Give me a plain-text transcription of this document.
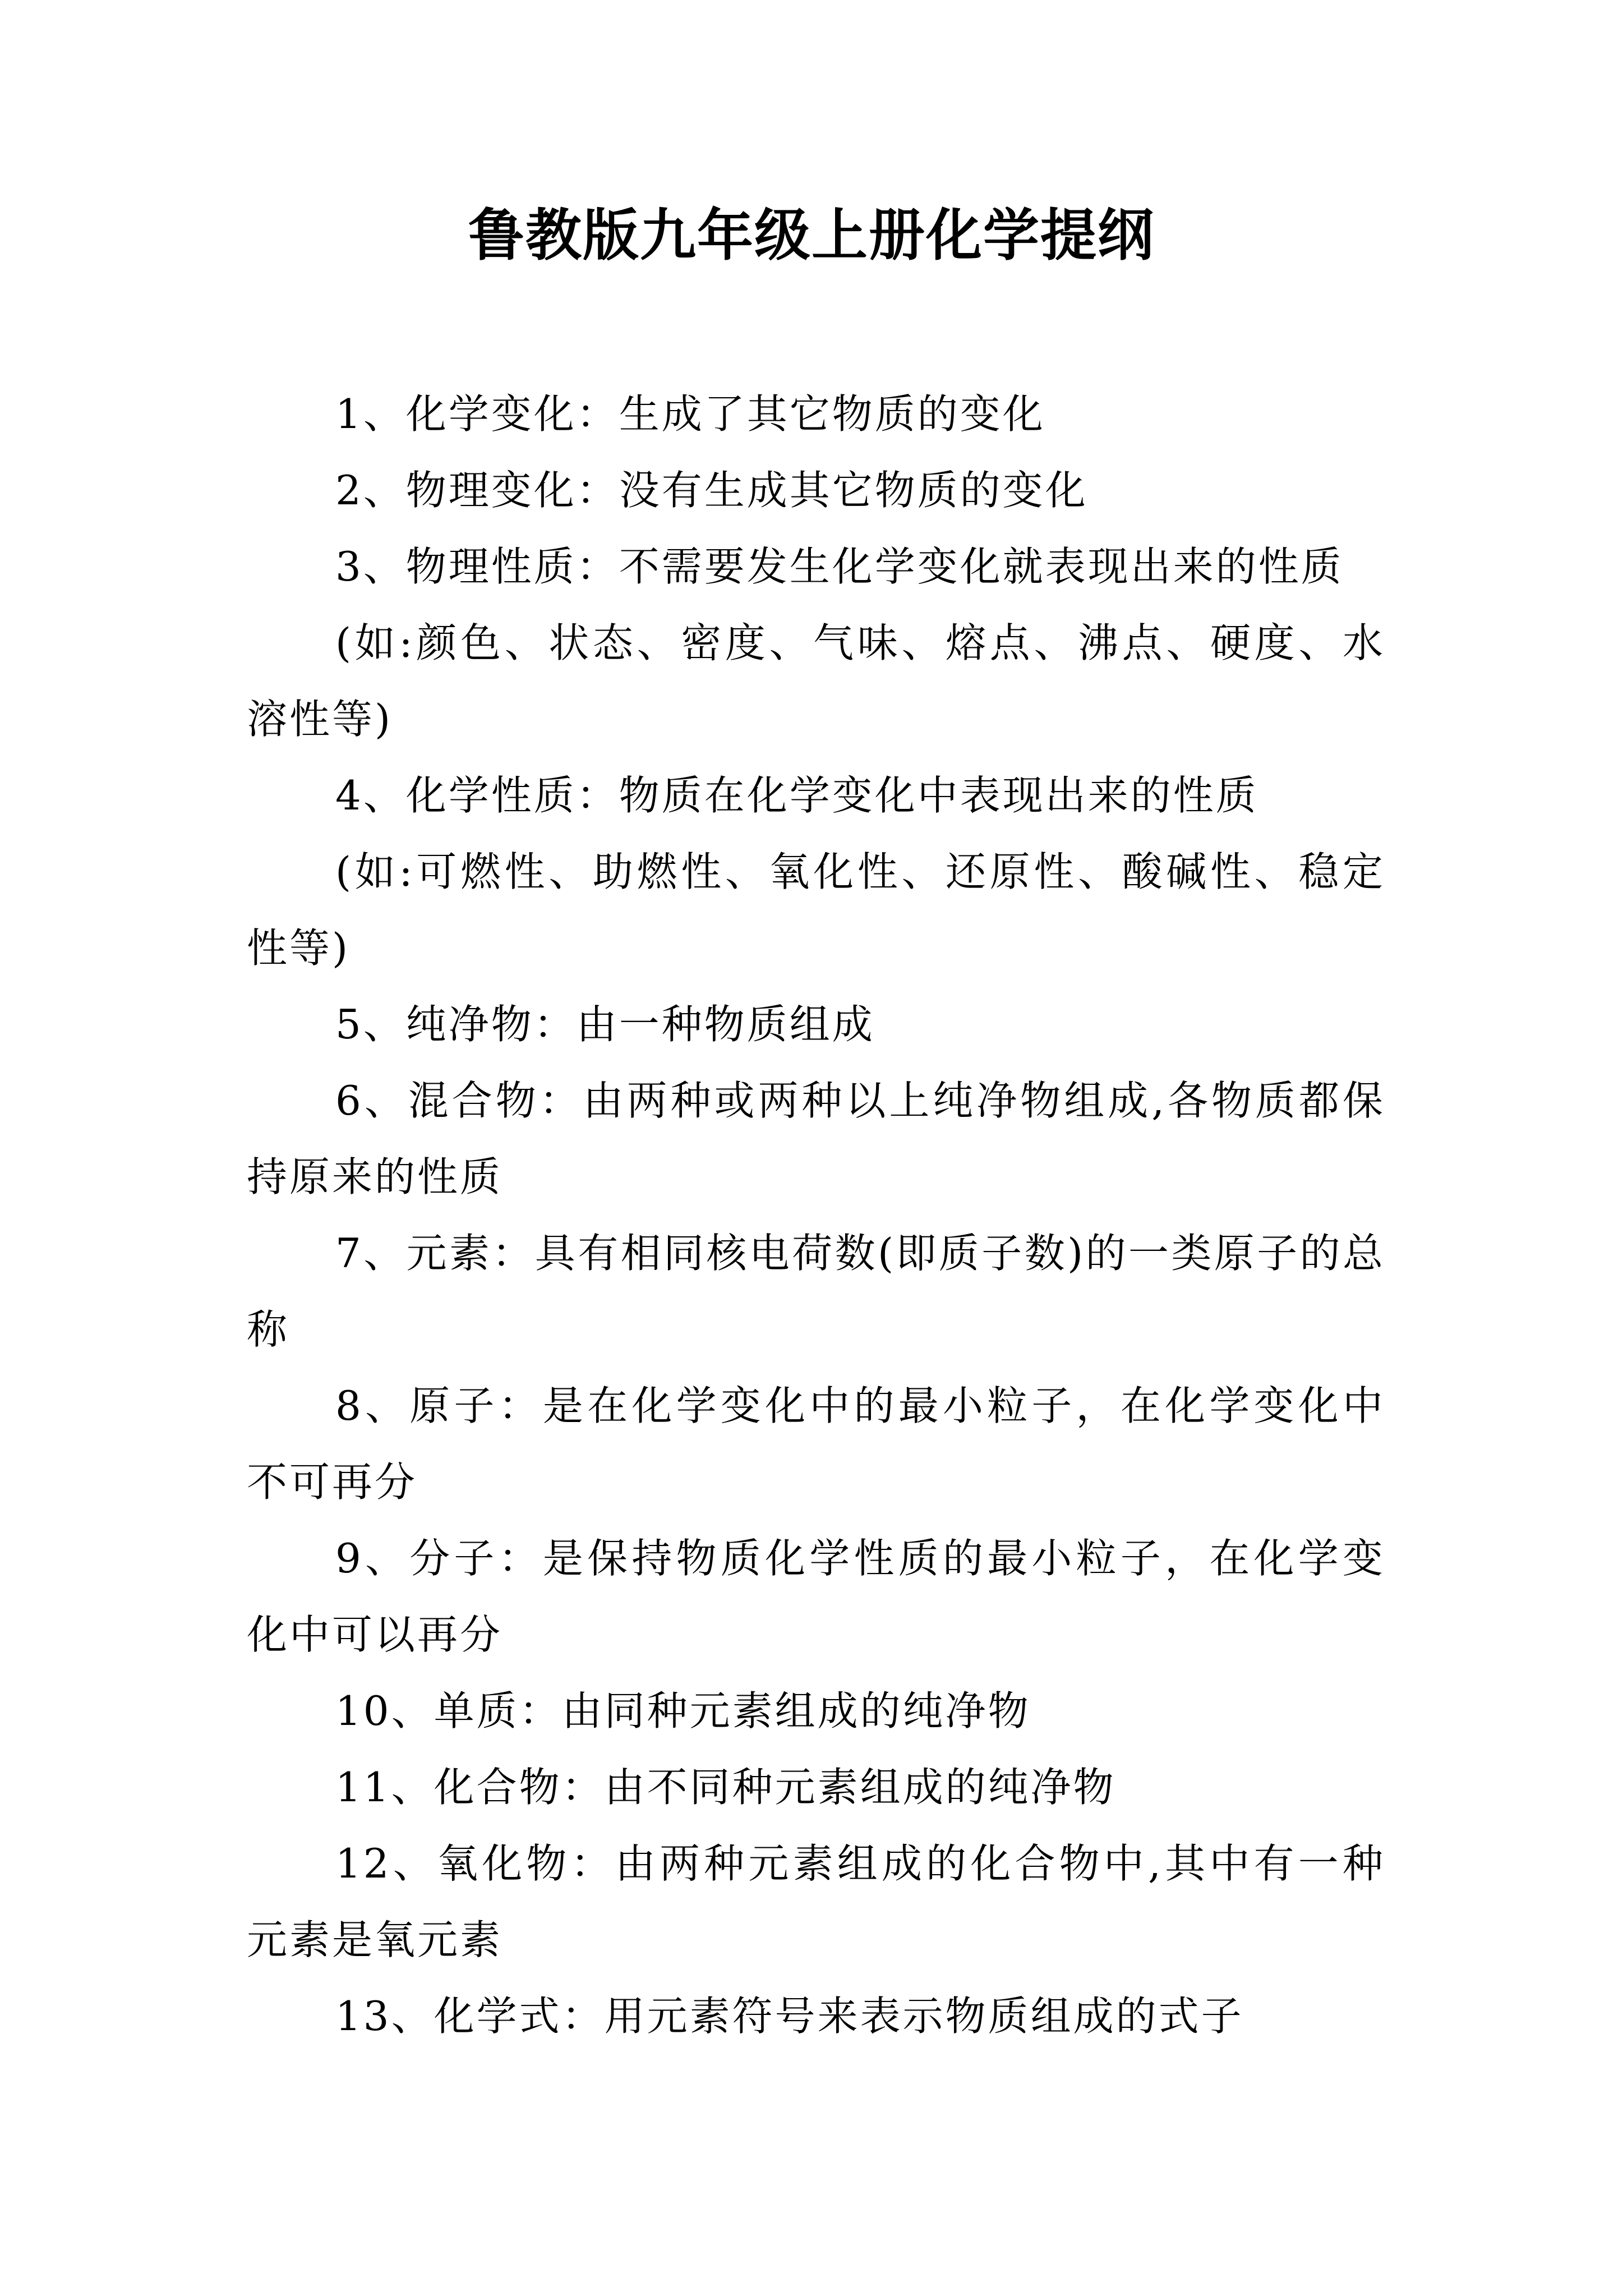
鲁教版九年级上册化学提纲

1、化学变化：生成了其它物质的变化

2、物理变化：没有生成其它物质的变化

3、物理性质：不需要发生化学变化就表现出来的性质

(如:颜色、状态、密度、气味、熔点、沸点、硬度、水溶性等)

4、化学性质：物质在化学变化中表现出来的性质

(如:可燃性、助燃性、氧化性、还原性、酸碱性、稳定性等)

5、纯净物：由一种物质组成

6、混合物：由两种或两种以上纯净物组成,各物质都保持原来的性质

7、元素：具有相同核电荷数(即质子数)的一类原子的总称

8、原子：是在化学变化中的最小粒子，在化学变化中不可再分

9、分子：是保持物质化学性质的最小粒子，在化学变化中可以再分

10、单质：由同种元素组成的纯净物

11、化合物：由不同种元素组成的纯净物

12、氧化物：由两种元素组成的化合物中,其中有一种元素是氧元素

13、化学式：用元素符号来表示物质组成的式子
